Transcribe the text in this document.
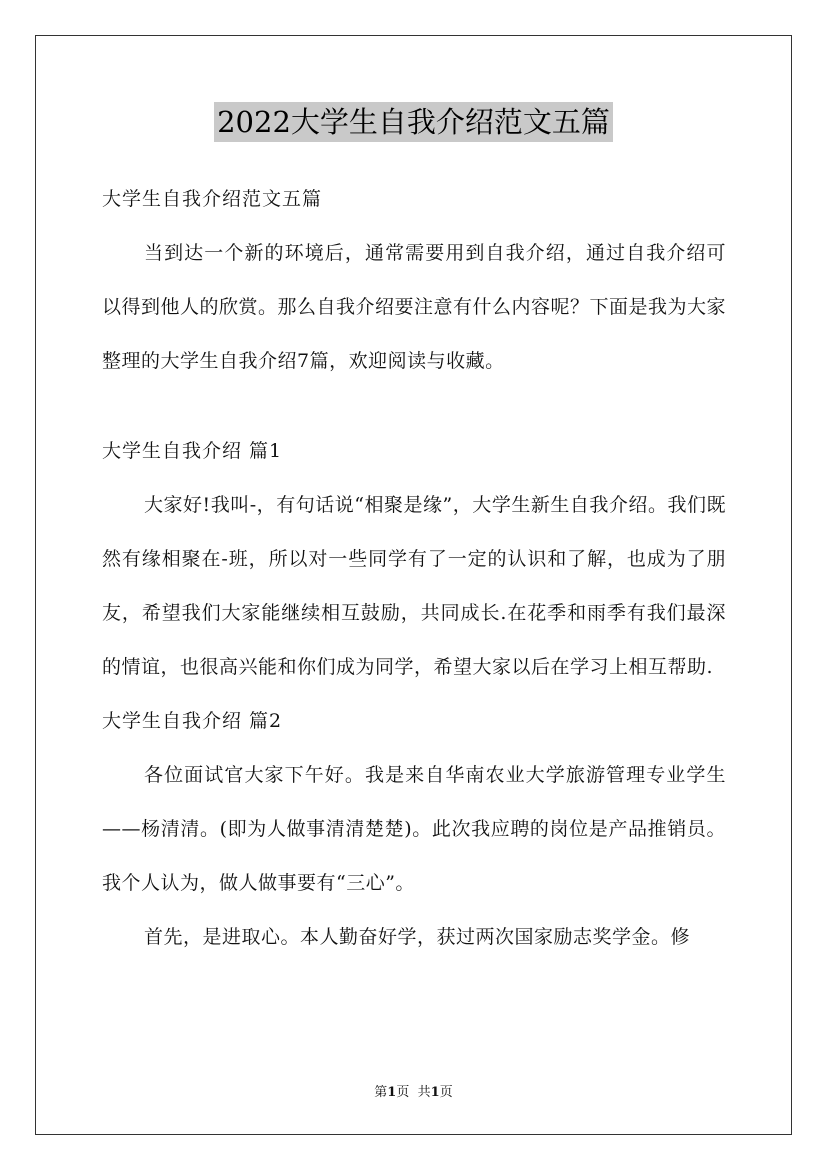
2022大学生自我介绍范文五篇

大学生自我介绍范文五篇

当到达一个新的环境后，通常需要用到自我介绍，通过自我介绍可以得到他人的欣赏。那么自我介绍要注意有什么内容呢？下面是我为大家整理的大学生自我介绍7篇，欢迎阅读与收藏。

大学生自我介绍 篇1

大家好!我叫-，有句话说“相聚是缘”，大学生新生自我介绍。我们既然有缘相聚在-班，所以对一些同学有了一定的认识和了解，也成为了朋友，希望我们大家能继续相互鼓励，共同成长.在花季和雨季有我们最深的情谊，也很高兴能和你们成为同学，希望大家以后在学习上相互帮助.

大学生自我介绍 篇2

各位面试官大家下午好。我是来自华南农业大学旅游管理专业学生——杨清清。(即为人做事清清楚楚)。此次我应聘的岗位是产品推销员。我个人认为，做人做事要有“三心”。

首先，是进取心。本人勤奋好学，获过两次国家励志奖学金。修

第1页 共1页
